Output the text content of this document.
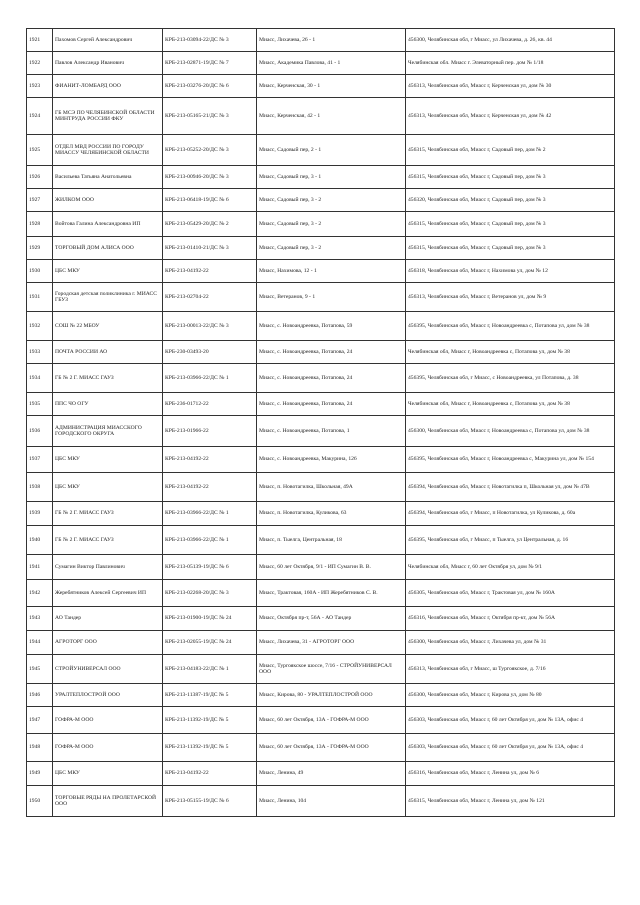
1921	Пахомов Сергей Александрович	КРБ-213-03094-22/ДС № 3	Миасс, Лихачева, 26 - 1	456300, Челябинская обл, г Миасс, ул Лихачева, д. 26, кв. 44
1922	Павлов Александр Иванович	КРБ-213-02871-19/ДС № 7	Миасс, Академика Павлова, 41 - 1	Челябинская обл. Миасс г. Элеваторный пер. дом № 1/18
1923	ФИАНИТ-ЛОМБАРД ООО	КРБ-213-03276-20/ДС № 6	Миасс, Керченская, 30 - 1	456313, Челябинская обл, Миасс г, Керченская ул, дом № 30
1924	ГБ МСЭ ПО ЧЕЛЯБИНСКОЙ ОБЛАСТИ МИНТРУДА РОССИИ ФКУ	КРБ-213-05165-21/ДС № 3	Миасс, Керченская, 42 - 1	456313, Челябинская обл, Миасс г, Керченская ул, дом № 42
1925	ОТДЕЛ МВД РОССИИ ПО ГОРОДУ МИАССУ ЧЕЛЯБИНСКОЙ ОБЛАСТИ	КРБ-213-05252-20/ДС № 3	Миасс, Садовый пер, 2 - 1	456315, Челябинская обл, Миасс г, Садовый пер, дом № 2
1926	Васильева Татьяна Анатольевна	КРБ-213-00946-20/ДС № 3	Миасс, Садовый пер, 3 - 1	456315, Челябинская обл, Миасс г, Садовый пер, дом № 3
1927	ЖИЛКОМ ООО	КРБ-213-06418-19/ДС № 6	Миасс, Садовый пер, 3 - 2	456320, Челябинская обл, Миасс г, Садовый пер, дом № 3
1928	Войтова Галина Александровна ИП	КРБ-213-05429-20/ДС № 2	Миасс, Садовый пер, 3 - 2	456315, Челябинская обл, Миасс г, Садовый пер, дом № 3
1929	ТОРГОВЫЙ ДОМ АЛИСА ООО	КРБ-213-01410-21/ДС № 3	Миасс, Садовый пер, 3 - 2	456315, Челябинская обл, Миасс г, Садовый пер, дом № 3
1930	ЦБС МКУ	КРБ-213-04192-22	Миасс, Нахимова, 12 - 1	456318, Челябинская обл, Миасс г, Нахимова ул, дом № 12
1931	Городская детская поликлиника г. МИАСС ГБУЗ	КРБ-213-02704-22	Миасс, Ветеранов, 9 - 1	456313, Челябинская обл, Миасс г, Ветеранов ул, дом № 9
1932	СОШ № 22 МБОУ	КРБ-213-00013-22/ДС № 3	Миасс, с. Новоандреевка, Потапова, 59	456395, Челябинская обл, Миасс г, Новоандреевка с, Потапова ул, дом № 38
1933	ПОЧТА РОССИИ АО	КРБ-230-03493-20	Миасс, с. Новоандреевка, Потапова, 24	Челябинская обл, Миасс г, Новоандреевка с, Потапова ул, дом № 38
1934	ГБ № 2 Г. МИАСС ГАУЗ	КРБ-213-03966-22/ДС № 1	Миасс, с. Новоандреевка, Потапова, 24	456395, Челябинская обл, г Миасс, с Новоандреевка, ул Потапова, д. 38
1935	ППС ЧО ОГУ	КРБ-236-01712-22	Миасс, с. Новоандреевка, Потапова, 24	Челябинская обл, Миасс г, Новоандреевка с, Потапова ул, дом № 38
1936	АДМИНИСТРАЦИЯ МИАССКОГО ГОРОДСКОГО ОКРУГА	КРБ-213-01966-22	Миасс, с. Новоандреевка, Потапова, 1	456300, Челябинская обл, Миасс г, Новоандреевка с, Потапова ул, дом № 38
1937	ЦБС МКУ	КРБ-213-04192-22	Миасс, с. Новоандреевка, Макурина, 126	456395, Челябинская обл, Миасс г, Новоандреевка с, Макурина ул, дом № 154
1938	ЦБС МКУ	КРБ-213-04192-22	Миасс, п. Новотагилка, Школьная, 49А	456394, Челябинская обл, Миасс г, Новотагилка п, Школьная ул, дом № 47В
1939	ГБ № 2 Г. МИАСС ГАУЗ	КРБ-213-03966-22/ДС № 1	Миасс, п. Новотагилка, Куликова, 63	456394, Челябинская обл, г Миасс, п Новотагилка, ул Куликова, д. 60а
1940	ГБ № 2 Г. МИАСС ГАУЗ	КРБ-213-03966-22/ДС № 1	Миасс, п. Тыелга, Центральная, 18	456395, Челябинская обл, г Миасс, п Тыелга, ул Центральная, д. 16
1941	Сумагин Виктор Павлинович	КРБ-213-05139-19/ДС № 6	Миасс, 60 лет Октября, 9/1 - ИП Сумагин В. В.	Челябинская обл, Миасс г, 60 лет Октября ул, дом № 9/1
1942	Жеребятников Алексей Сергеевич ИП	КРБ-213-02268-20/ДС № 3	Миасс, Трактовая, 160А - ИП Жеребятников С. В.	456305, Челябинская обл, Миасс г, Трактовая ул, дом № 160А
1943	АО Тандер	КРБ-213-01900-19/ДС № 24	Миасс, Октября пр-т, 56А - АО Тандер	456316, Челябинская обл, Миасс г, Октября пр-кт, дом № 56А
1944	АГРОТОРГ ООО	КРБ-213-02055-19/ДС № 24	Миасс, Лихачева, 31 - АГРОТОРГ ООО	456300, Челябинская обл, Миасс г, Лихачева ул, дом № 31
1945	СТРОЙУНИВЕРСАЛ ООО	КРБ-213-04183-22/ДС № 1	Миасс, Тургоякское шоссе, 7/16 - СТРОЙУНИВЕРСАЛ ООО	456313, Челябинская обл, г Миасс, ш Тургоякское, д. 7/16
1946	УРАЛТЕПЛОСТРОЙ ООО	КРБ-213-11387-19/ДС № 5	Миасс, Кирова, 80 - УРАЛТЕПЛОСТРОЙ ООО	456300, Челябинская обл, Миасс г, Кирова ул, дом № 80
1947	ГОФРА-М ООО	КРБ-213-11392-19/ДС № 5	Миасс, 60 лет Октября, 13А - ГОФРА-М ООО	456303, Челябинская обл, Миасс г, 60 лет Октября ул, дом № 13А, офис 4
1948	ГОФРА-М ООО	КРБ-213-11392-19/ДС № 5	Миасс, 60 лет Октября, 13А - ГОФРА-М ООО	456303, Челябинская обл, Миасс г, 60 лет Октября ул, дом № 13А, офис 4
1949	ЦБС МКУ	КРБ-213-04192-22	Миасс, Ленина, 49	456316, Челябинская обл, Миасс г, Ленина ул, дом № 6
1950	ТОРГОВЫЕ РЯДЫ НА ПРОЛЕТАРСКОЙ ООО	КРБ-213-05155-19/ДС № 6	Миасс, Ленина, 104	456315, Челябинская обл, Миасс г, Ленина ул, дом № 121
